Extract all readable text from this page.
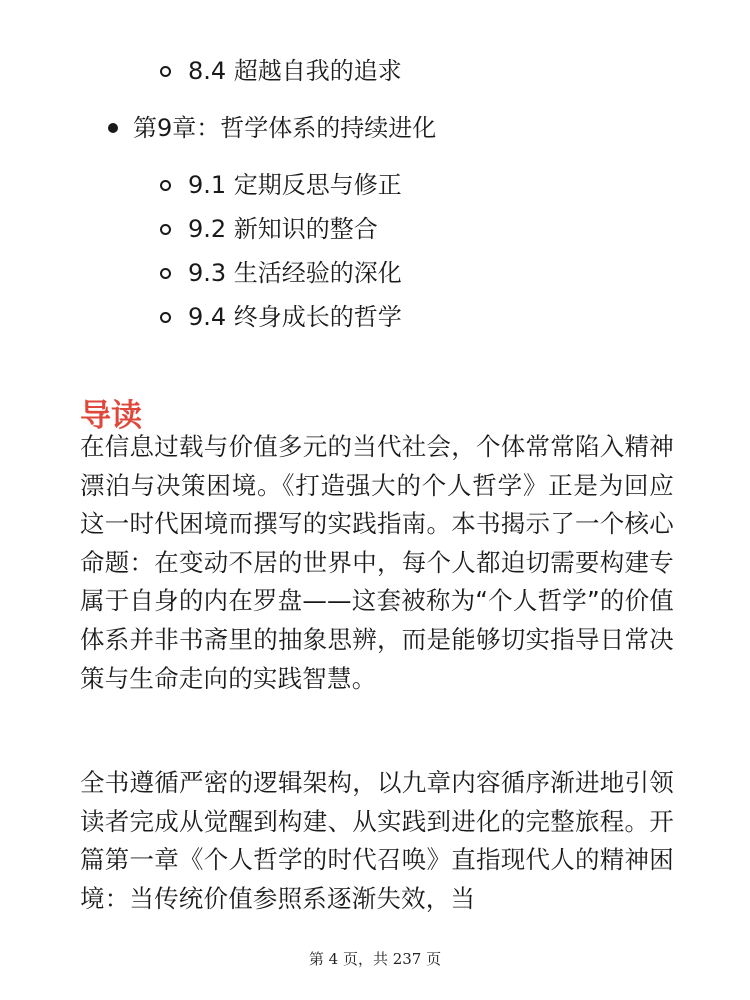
8.4 超越自我的追求
第9章：哲学体系的持续进化
9.1 定期反思与修正
9.2 新知识的整合
9.3 生活经验的深化
9.4 终身成长的哲学
导读

在信息过载与价值多元的当代社会，个体常常陷入精神漂泊与决策困境。《打造强大的个人哲学》正是为回应这一时代困境而撰写的实践指南。本书揭示了一个核心命题：在变动不居的世界中，每个人都迫切需要构建专属于自身的内在罗盘——这套被称为“个人哲学”的价值体系并非书斋里的抽象思辨，而是能够切实指导日常决策与生命走向的实践智慧。

全书遵循严密的逻辑架构，以九章内容循序渐进地引领读者完成从觉醒到构建、从实践到进化的完整旅程。开篇第一章《个人哲学的时代召唤》直指现代人的精神困境：当传统价值参照系逐渐失效，当

第 4 页，共 237 页
